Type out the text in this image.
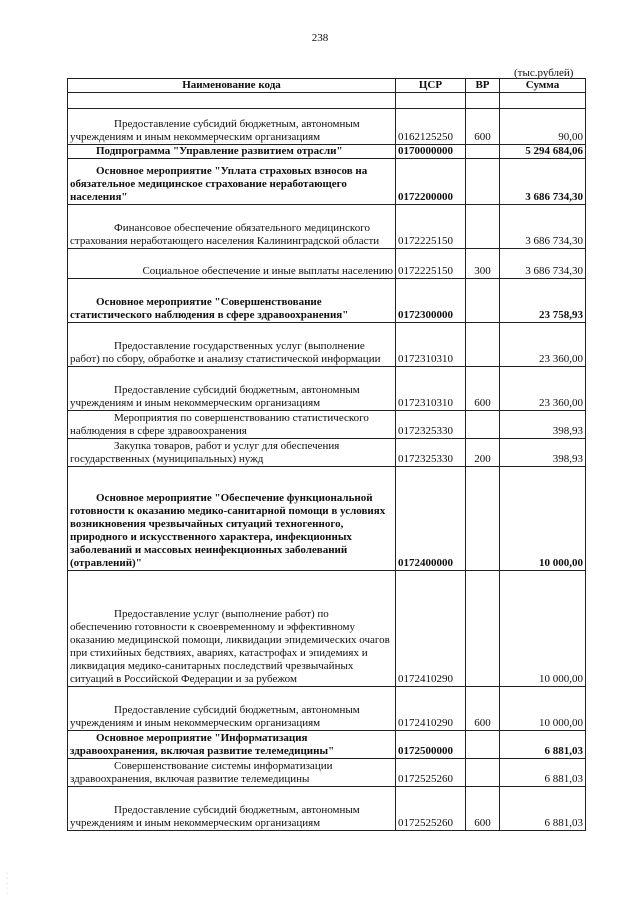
238
(тыс.рублей)
Наименование кода	ЦСР	ВР	Сумма

Предоставление субсидий бюджетным, автономным учреждениям и иным некоммерческим организациям	0162125250	600	90,00
Подпрограмма "Управление развитием отрасли"	0170000000		5 294 684,06
Основное мероприятие "Уплата страховых взносов на обязательное медицинское страхование неработающего населения"	0172200000		3 686 734,30
Финансовое обеспечение обязательного медицинского страхования неработающего населения Калининградской области	0172225150		3 686 734,30
Социальное обеспечение и иные выплаты населению	0172225150	300	3 686 734,30
Основное мероприятие "Совершенствование статистического наблюдения в сфере здравоохранения"	0172300000		23 758,93
Предоставление государственных услуг (выполнение работ) по сбору, обработке и анализу статистической информации	0172310310		23 360,00
Предоставление субсидий бюджетным, автономным учреждениям и иным некоммерческим организациям	0172310310	600	23 360,00
Мероприятия по совершенствованию статистического наблюдения в сфере здравоохранения	0172325330		398,93
Закупка товаров, работ и услуг для обеспечения государственных (муниципальных) нужд	0172325330	200	398,93
Основное мероприятие "Обеспечение функциональной готовности к оказанию медико-санитарной помощи в условиях возникновения чрезвычайных ситуаций техногенного, природного и искусственного характера, инфекционных заболеваний и массовых неинфекционных заболеваний (отравлений)"	0172400000		10 000,00
Предоставление услуг (выполнение работ) по обеспечению готовности к своевременному и эффективному оказанию медицинской помощи, ликвидации эпидемических очагов при стихийных бедствиях, авариях, катастрофах и эпидемиях и ликвидация медико-санитарных последствий чрезвычайных ситуаций в Российской Федерации и за рубежом	0172410290		10 000,00
Предоставление субсидий бюджетным, автономным учреждениям и иным некоммерческим организациям	0172410290	600	10 000,00
Основное мероприятие "Информатизация здравоохранения, включая развитие телемедицины"	0172500000		6 881,03
Совершенствование системы информатизации здравоохранения, включая развитие телемедицины	0172525260		6 881,03
Предоставление субсидий бюджетным, автономным учреждениям и иным некоммерческим организациям	0172525260	600	6 881,03
·
·
·
·
·
